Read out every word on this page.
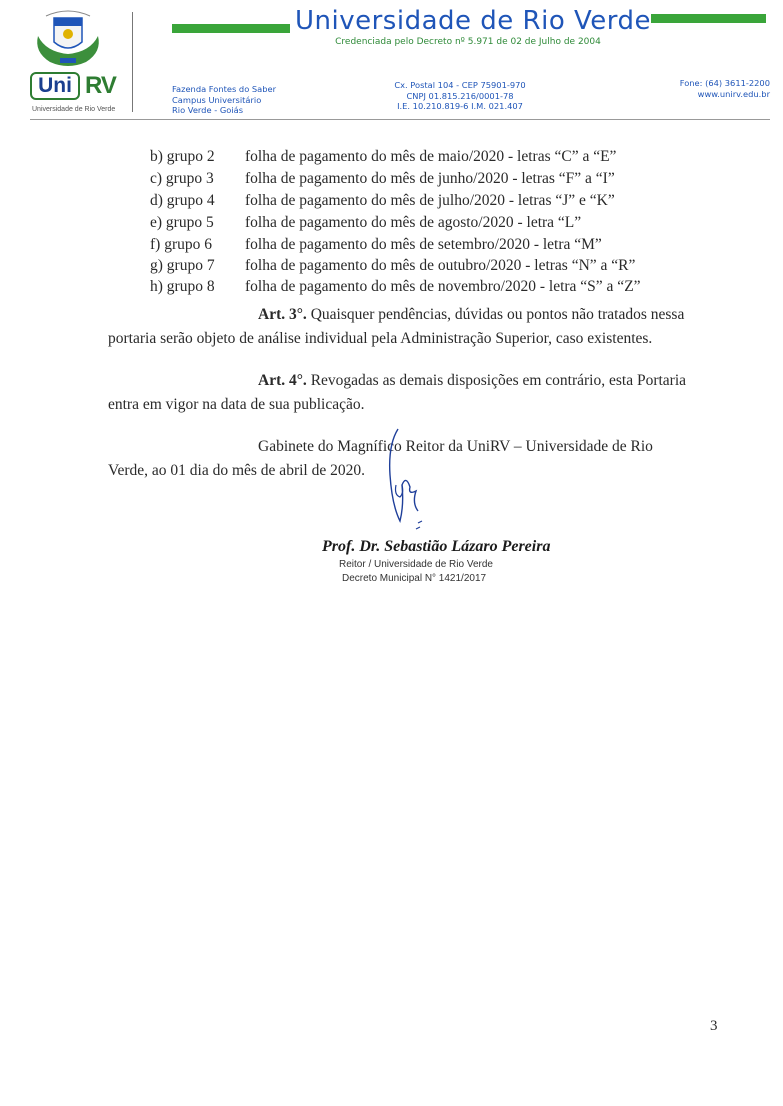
Uni RV
Universidade de Rio Verde
Universidade de Rio Verde
Credenciada pelo Decreto nº 5.971 de 02 de Julho de 2004
Fazenda Fontes do Saber
Campus Universitário
Rio Verde - Goiás
Cx. Postal 104 - CEP 75901-970
CNPJ 01.815.216/0001-78
I.E. 10.210.819-6 I.M. 021.407
Fone: (64) 3611-2200
www.unirv.edu.br
b) grupo 2 folha de pagamento do mês de maio/2020 - letras “C” a “E”
c) grupo 3 folha de pagamento do mês de junho/2020 - letras “F” a “I”
d) grupo 4 folha de pagamento do mês de julho/2020 - letras “J” e “K”
e) grupo 5 folha de pagamento do mês de agosto/2020 - letra “L”
f) grupo 6 folha de pagamento do mês de setembro/2020 - letra “M”
g) grupo 7 folha de pagamento do mês de outubro/2020 - letras “N” a “R”
h) grupo 8 folha de pagamento do mês de novembro/2020 - letra “S” a “Z”
Art. 3°. Quaisquer pendências, dúvidas ou pontos não tratados nessa
portaria serão objeto de análise individual pela Administração Superior, caso existentes.
Art. 4°. Revogadas as demais disposições em contrário, esta Portaria
entra em vigor na data de sua publicação.
Gabinete do Magnífico Reitor da UniRV – Universidade de Rio
Verde, ao 01 dia do mês de abril de 2020.
Prof. Dr. Sebastião Lázaro Pereira
Reitor / Universidade de Rio Verde
Decreto Municipal N° 1421/2017
3
